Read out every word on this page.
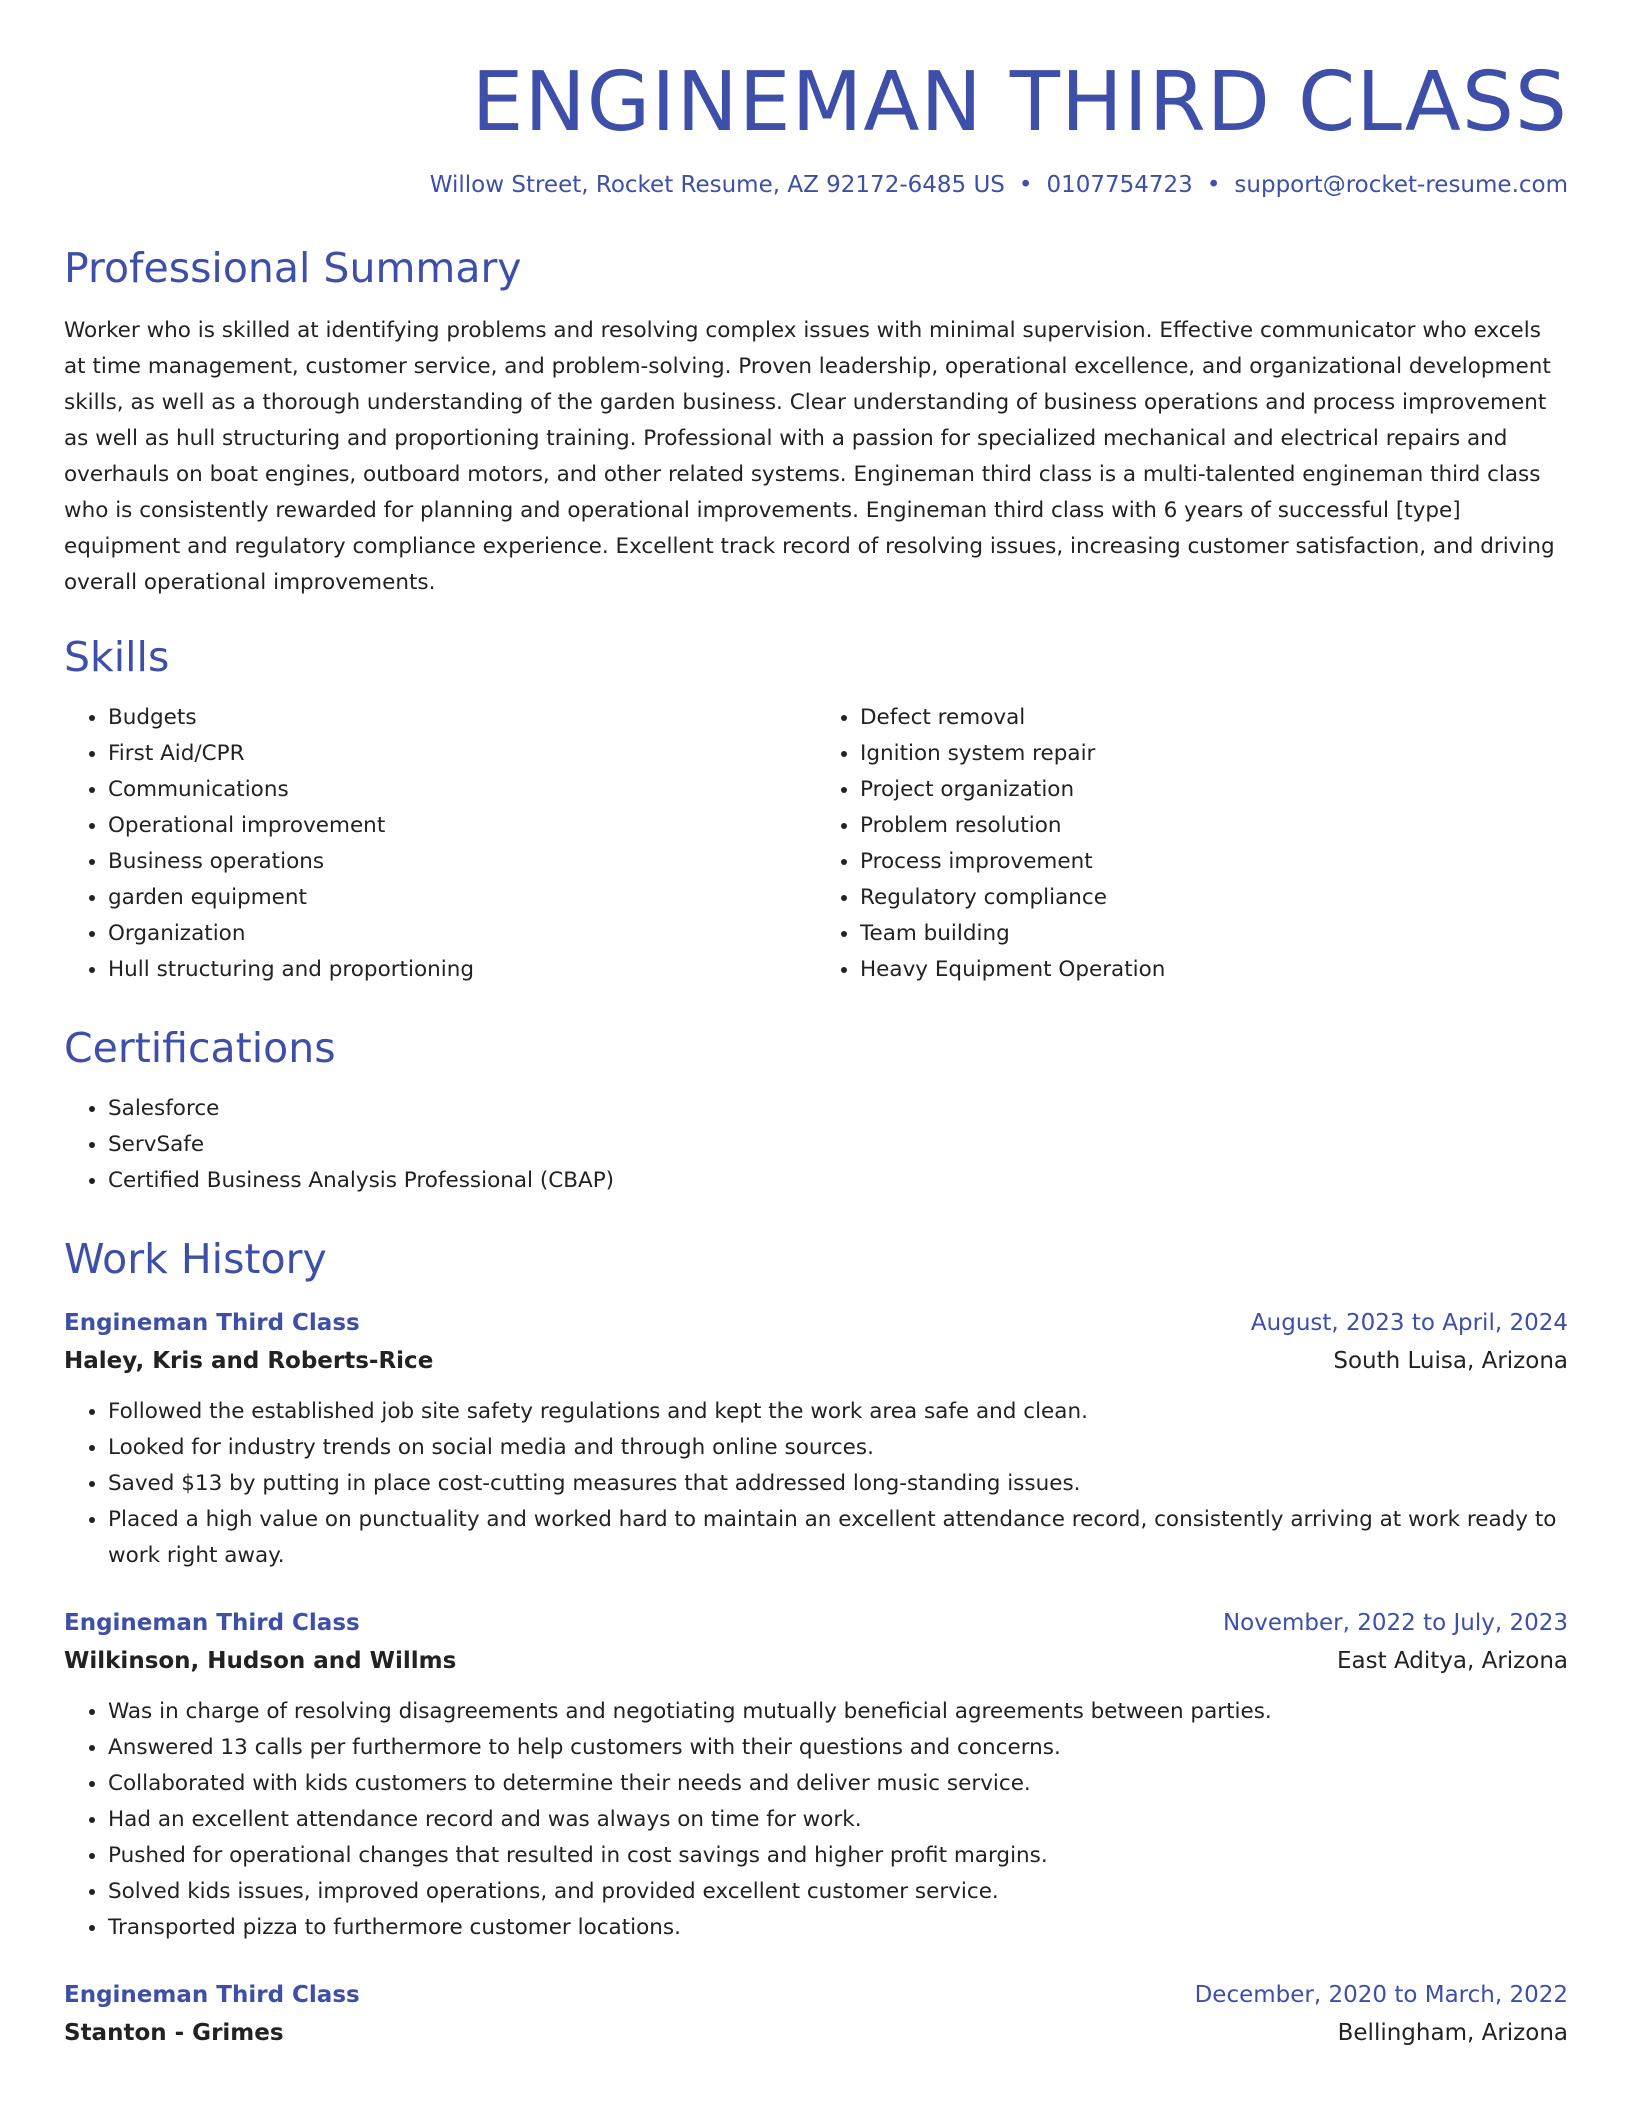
ENGINEMAN THIRD CLASS
Willow Street, Rocket Resume, AZ 92172-6485 US • 0107754723 • support@rocket-resume.com
Professional Summary

Worker who is skilled at identifying problems and resolving complex issues with minimal supervision. Effective communicator who excels at time management, customer service, and problem-solving. Proven leadership, operational excellence, and organizational development skills, as well as a thorough understanding of the garden business. Clear understanding of business operations and process improvement as well as hull structuring and proportioning training. Professional with a passion for specialized mechanical and electrical repairs and overhauls on boat engines, outboard motors, and other related systems. Engineman third class is a multi-talented engineman third class who is consistently rewarded for planning and operational improvements. Engineman third class with 6 years of successful [type] equipment and regulatory compliance experience. Excellent track record of resolving issues, increasing customer satisfaction, and driving overall operational improvements.

Skills
• Budgets
• First Aid/CPR
• Communications
• Operational improvement
• Business operations
• garden equipment
• Organization
• Hull structuring and proportioning
• Defect removal
• Ignition system repair
• Project organization
• Problem resolution
• Process improvement
• Regulatory compliance
• Team building
• Heavy Equipment Operation
Certifications
• Salesforce
• ServSafe
• Certified Business Analysis Professional (CBAP)
Work History
Engineman Third Class	August, 2023 to April, 2024
Haley, Kris and Roberts-Rice	South Luisa, Arizona
• Followed the established job site safety regulations and kept the work area safe and clean.
• Looked for industry trends on social media and through online sources.
• Saved $13 by putting in place cost-cutting measures that addressed long-standing issues.
• Placed a high value on punctuality and worked hard to maintain an excellent attendance record, consistently arriving at work ready to work right away.
Engineman Third Class	November, 2022 to July, 2023
Wilkinson, Hudson and Willms	East Aditya, Arizona
• Was in charge of resolving disagreements and negotiating mutually beneficial agreements between parties.
• Answered 13 calls per furthermore to help customers with their questions and concerns.
• Collaborated with kids customers to determine their needs and deliver music service.
• Had an excellent attendance record and was always on time for work.
• Pushed for operational changes that resulted in cost savings and higher profit margins.
• Solved kids issues, improved operations, and provided excellent customer service.
• Transported pizza to furthermore customer locations.
Engineman Third Class	December, 2020 to March, 2022
Stanton - Grimes	Bellingham, Arizona
